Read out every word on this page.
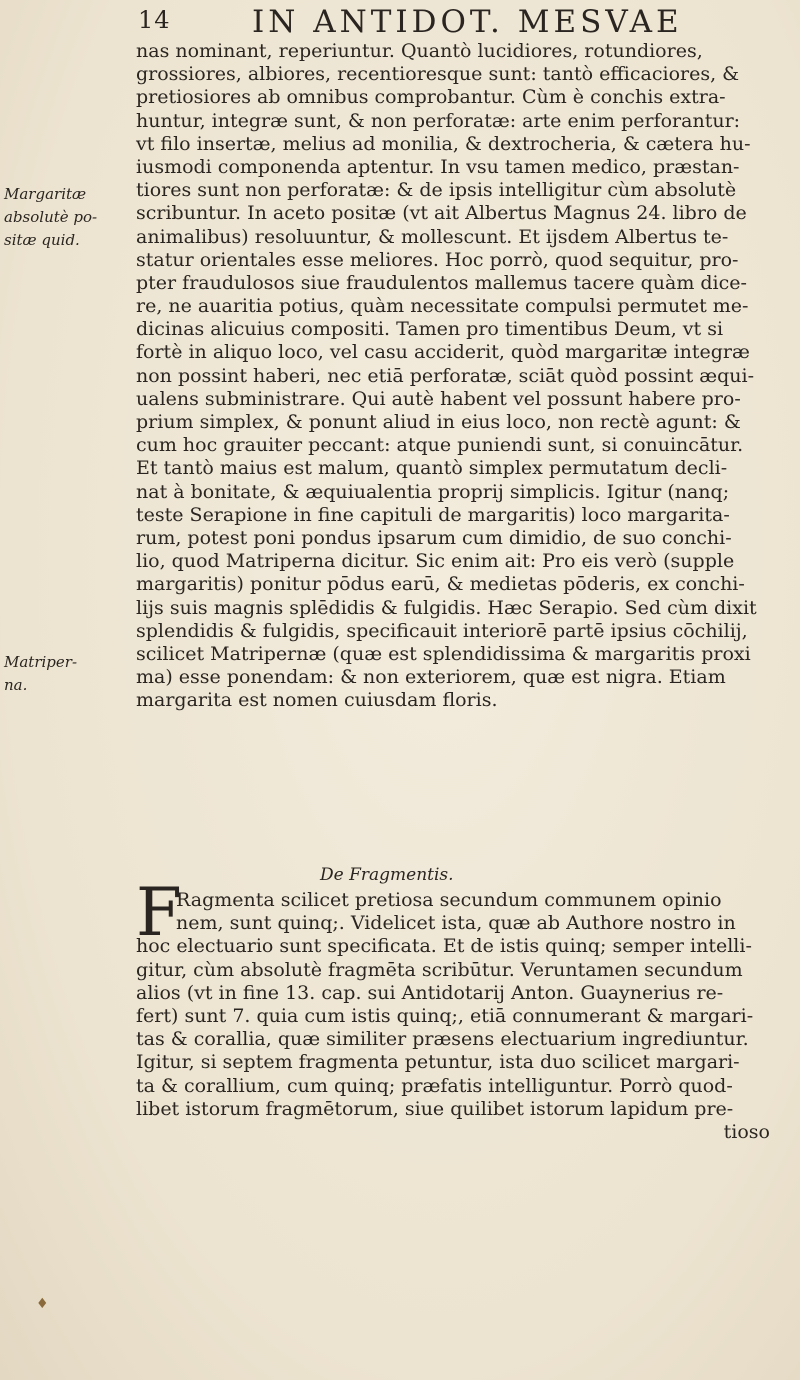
14	IN ANTIDOT. MESVAE
Margaritæ
absolutè po-
sitæ quid.
Matriper-
na.
nas nominant, reperiuntur. Quantò lucidiores, rotundiores,
grossiores, albiores, recentioresque sunt: tantò efficaciores, &
pretiosiores ab omnibus comprobantur. Cùm è conchis extra-
huntur, integræ sunt, & non perforatæ: arte enim perforantur:
vt filo insertæ, melius ad monilia, & dextrocheria, & cætera hu-
iusmodi componenda aptentur. In vsu tamen medico, præstan-
tiores sunt non perforatæ: & de ipsis intelligitur cùm absolutè
scribuntur. In aceto positæ (vt ait Albertus Magnus 24. libro de
animalibus) resoluuntur, & mollescunt. Et ijsdem Albertus te-
statur orientales esse meliores. Hoc porrò, quod sequitur, pro-
pter fraudulosos siue fraudulentos mallemus tacere quàm dice-
re, ne auaritia potius, quàm necessitate compulsi permutet me-
dicinas alicuius compositi. Tamen pro timentibus Deum, vt si
fortè in aliquo loco, vel casu acciderit, quòd margaritæ integræ
non possint haberi, nec etiā perforatæ, sciāt quòd possint æqui-
ualens subministrare. Qui autè habent vel possunt habere pro-
prium simplex, & ponunt aliud in eius loco, non rectè agunt: &
cum hoc grauiter peccant: atque puniendi sunt, si conuincātur.
Et tantò maius est malum, quantò simplex permutatum decli-
nat à bonitate, & æquiualentia proprij simplicis. Igitur (nanq;
teste Serapione in fine capituli de margaritis) loco margarita-
rum, potest poni pondus ipsarum cum dimidio, de suo conchi-
lio, quod Matriperna dicitur. Sic enim ait: Pro eis verò (supple
margaritis) ponitur pōdus earū, & medietas pōderis, ex conchi-
lijs suis magnis splēdidis & fulgidis. Hæc Serapio. Sed cùm dixit
splendidis & fulgidis, specificauit interiorē partē ipsius cōchilij,
scilicet Matripernæ (quæ est splendidissima & margaritis proxi
ma) esse ponendam: & non exteriorem, quæ est nigra. Etiam
margarita est nomen cuiusdam floris.
De Fragmentis.
F
Ragmenta scilicet pretiosa secundum communem opinio
nem, sunt quinq;. Videlicet ista, quæ ab Authore nostro in
hoc electuario sunt specificata. Et de istis quinq; semper intelli-
gitur, cùm absolutè fragmēta scribūtur. Veruntamen secundum
alios (vt in fine 13. cap. sui Antidotarij Anton. Guaynerius re-
fert) sunt 7. quia cum istis quinq;, etiā connumerant & margari-
tas & corallia, quæ similiter præsens electuarium ingrediuntur.
Igitur, si septem fragmenta petuntur, ista duo scilicet margari-
ta & corallium, cum quinq; præfatis intelliguntur. Porrò quod-
libet istorum fragmētorum, siue quilibet istorum lapidum pre-
tioso
♦
